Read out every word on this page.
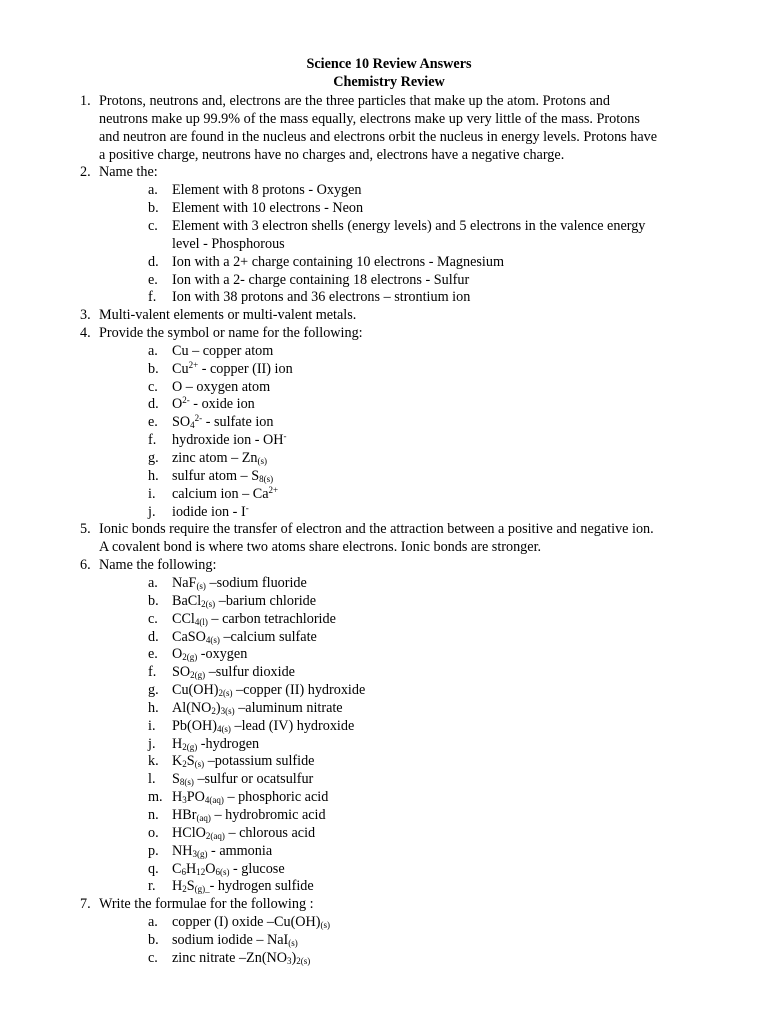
Science 10 Review Answers
Chemistry Review
1. Protons, neutrons and, electrons are the three particles that make up the atom. Protons and
neutrons make up 99.9% of the mass equally, electrons make up very little of the mass. Protons
and neutron are found in the nucleus and electrons orbit the nucleus in energy levels. Protons have
a positive charge, neutrons have no charges and, electrons have a negative charge.
2. Name the:
a. Element with 8 protons - Oxygen
b. Element with 10 electrons - Neon
c. Element with 3 electron shells (energy levels) and 5 electrons in the valence energy
level - Phosphorous
d. Ion with a 2+ charge containing 10 electrons - Magnesium
e. Ion with a 2- charge containing 18 electrons - Sulfur
f. Ion with 38 protons and 36 electrons – strontium ion
3. Multi-valent elements or multi-valent metals.
4. Provide the symbol or name for the following:
a. Cu – copper atom
b. $Cu^{2+}$ - copper (II) ion
c. O – oxygen atom
d. $O^{2-}$ - oxide ion
e. $SO_4^{2-}$ - sulfate ion
f. hydroxide ion - OH-
g. zinc atom – $Zn_{(s)}$
h. sulfur atom – $S_{8(s)}$
i. calcium ion – $Ca^{2+}$
j. iodide ion - I-
5. Ionic bonds require the transfer of electron and the attraction between a positive and negative ion.
A covalent bond is where two atoms share electrons. Ionic bonds are stronger.
6. Name the following:
a. NaF$_{(s)}$ –sodium fluoride
b. BaCl$_{2(s)}$ –barium chloride
c. CCl$_{4(l)}$ – carbon tetrachloride
d. CaSO$_{4(s)}$ –calcium sulfate
e. $O_{2(g)}$ -oxygen
f. $SO_{2(g)}$ –sulfur dioxide
g. $Cu(OH)_{2(s)}$ –copper (II) hydroxide
h. $Al(NO_2)_{3(s)}$ –aluminum nitrate
i. $Pb(OH)_{4(s)}$ –lead (IV) hydroxide
j. $H_{2(g)}$ -hydrogen
k. $K_2S_{(s)}$ –potassium sulfide
l. $S_{8(s)}$ –sulfur or ocatsulfur
m. $H_3PO_{4(aq)}$ – phosphoric acid
n. HBr$_{(aq)}$ – hydrobromic acid
o. HClO$_{2(aq)}$ – chlorous acid
p. $NH_{3(g)}$ - ammonia
q. $C_6H_{12}O_{6(s)}$ - glucose
r. $H_2S_{(g)\_}-$ hydrogen sulfide
7. Write the formulae for the following :
a. copper (I) oxide $-Cu(OH)_{(s)}$
b. sodium iodide – NaI$_{(s)}$
c. zinc nitrate $-Zn(NO_3)_{2(s)}$
